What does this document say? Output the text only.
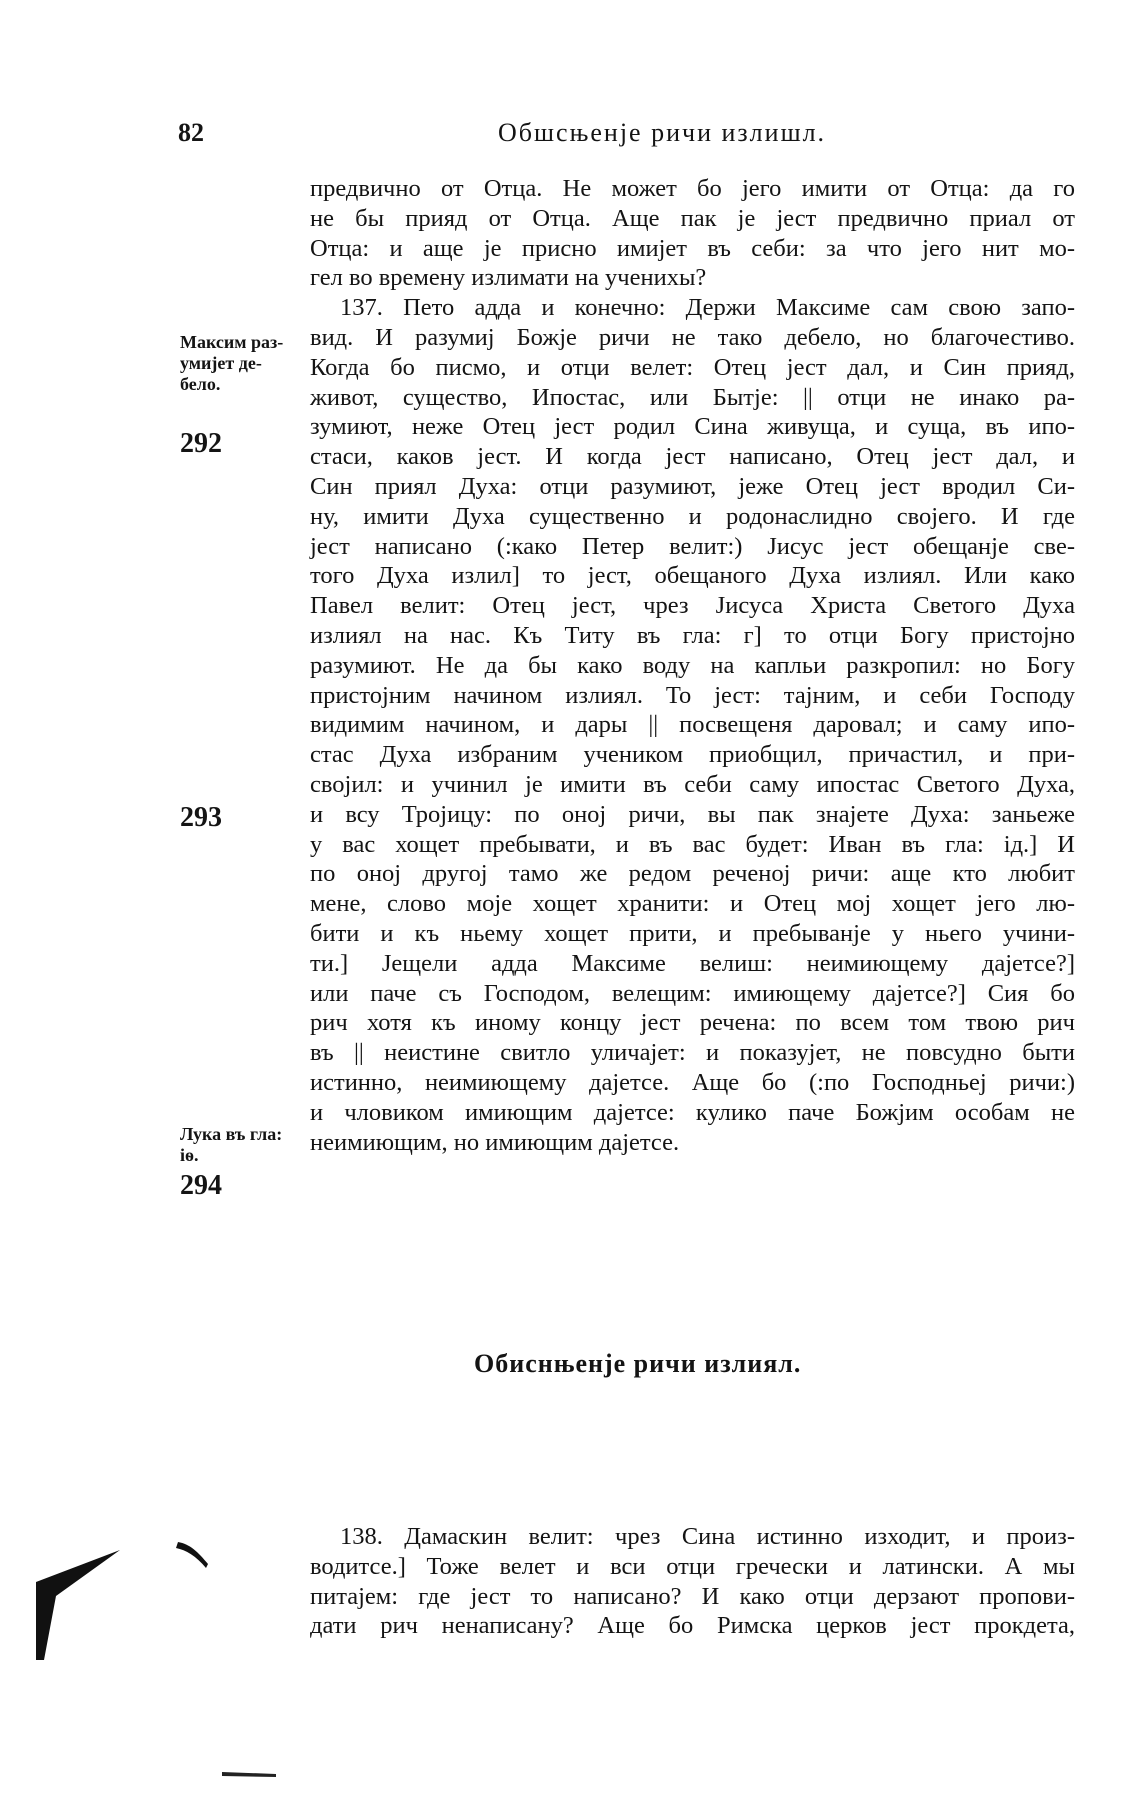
82	Обшсњенје ричи излишл.
Максим раз-
умијет де-
бело.
292
293
Лука въ гла:
іѳ.
294
предвично от Отца. Не может бо јего имити от Отца: да го
не бы прияд от Отца. Аще пак је јест предвично приал от
Отца: и аще је присно имијет въ себи: за что јего нит мо-
гел во времену излимати на учениxы?
137. Пето адда и конечно: Держи Максиме сам свою запо-
вид. И разумиј Божје ричи не тако дебело, но благочестиво.
Когда бо писмо, и отци велет: Отец јест дал, и Син прияд,
живот, существо, Ипостас, или Бытје: || отци не инако ра-
зумиют, неже Отец јест родил Сина живуща, и суща, въ ипо-
стаси, каков јест. И когда јест написано, Отец јест дал, и
Син приял Духа: отци разумиют, јеже Отец јест вродил Си-
ну, имити Духа существенно и родонаслидно својего. И где
јест написано (:како Петер велит:) Јисус јест обещанје све-
того Духа излил] то јест, обещаного Духа излиял. Или како
Павел велит: Отец јест, чрез Јисуса Христа Светого Духа
излиял на нас. Къ Титу въ гла: г] то отци Богу пристојно
разумиют. Не да бы како воду на капльи разкропил: но Богу
пристојним начином излиял. То јест: тајним, и себи Господу
видимим начином, и дары || посвещеня даровал; и саму ипо-
стас Духа избраним учеником приобщил, причастил, и при-
својил: и учинил је имити въ себи саму ипостас Светого Духа,
и всу Тројицу: по оној ричи, вы пак знајете Духа: заньеже
у вас хощет пребывати, и въ вас будет: Иван въ гла: ід.] И
по оној другој тамо же редом реченој ричи: аще кто любит
мене, слово моје хощет хранити: и Отец мој хощет јего лю-
бити и къ ньему хощет прити, и пребыванје у ньего учини-
ти.] Јещели адда Максиме велиш: неимиющему дајетсе?]
или паче съ Господом, велещим: имиющему дајетсе?] Сия бо
рич хотя къ иному концу јест речена: по всем том твою рич
въ || неистине свитло уличајет: и показујет, не повсудно быти
истинно, неимиющему дајетсе. Аще бо (:по Господньеј ричи:)
и чловиком имиющим дајетсе: кулико паче Божјим особам не
неимиющим, но имиющим дајетсе.
Обиснњенје ричи излиял.
138. Дамаскин велит: чрез Сина истинно изходит, и произ-
водитсе.] Тоже велет и вси отци гречески и латински. А мы
питајем: где јест то написано? И како отци дерзают пропови-
дати рич ненаписану? Аще бо Римска церков јест прокдета,
